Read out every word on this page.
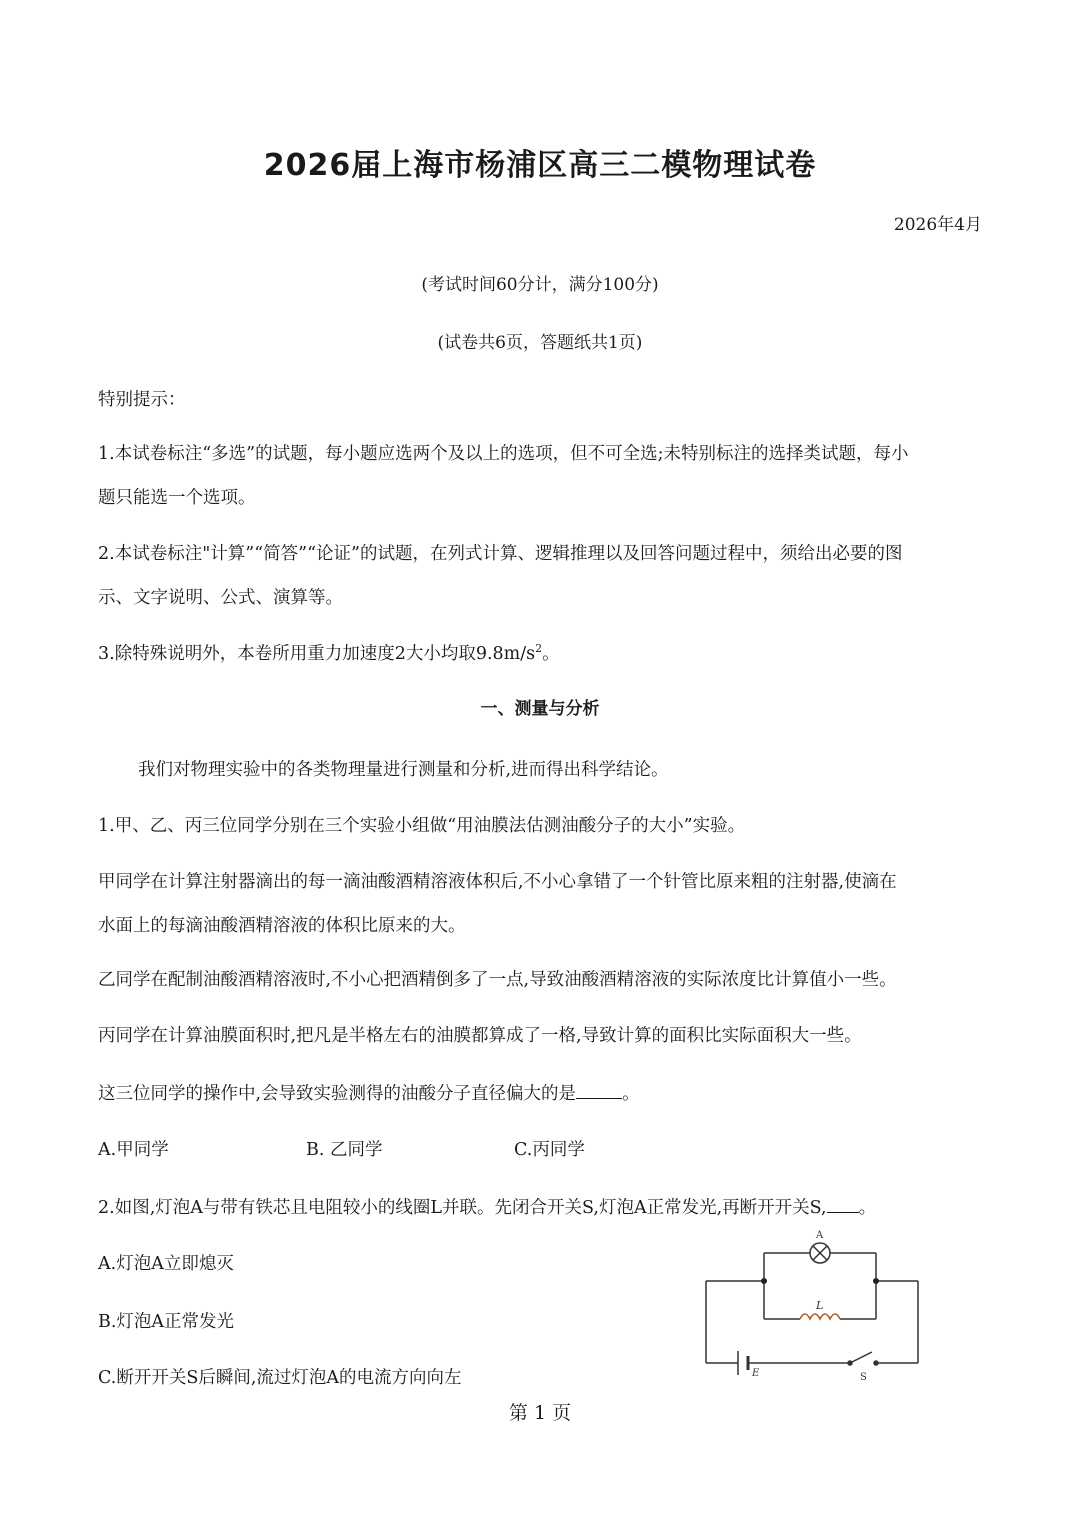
2026届上海市杨浦区高三二模物理试卷
2026年4月
(考试时间60分计，满分100分)
(试卷共6页，答题纸共1页)
特别提示：
1.本试卷标注“多选”的试题，每小题应选两个及以上的选项，但不可全选;未特别标注的选择类试题，每小
题只能选一个选项。
2.本试卷标注"计算”“简答”“论证”的试题，在列式计算、逻辑推理以及回答问题过程中，须给出必要的图
示、文字说明、公式、演算等。
3.除特殊说明外，本卷所用重力加速度2大小均取$9.8m/s^2$。
一、测量与分析
我们对物理实验中的各类物理量进行测量和分析,进而得出科学结论。
1.甲、乙、丙三位同学分别在三个实验小组做“用油膜法估测油酸分子的大小”实验。
甲同学在计算注射器滴出的每一滴油酸酒精溶液体积后,不小心拿错了一个针管比原来粗的注射器,使滴在
水面上的每滴油酸酒精溶液的体积比原来的大。
乙同学在配制油酸酒精溶液时,不小心把酒精倒多了一点,导致油酸酒精溶液的实际浓度比计算值小一些。
丙同学在计算油膜面积时,把凡是半格左右的油膜都算成了一格,导致计算的面积比实际面积大一些。
这三位同学的操作中,会导致实验测得的油酸分子直径偏大的是	。
A.甲同学	B. 乙同学	C.丙同学
2.如图,灯泡A与带有铁芯且电阻较小的线圈L并联。先闭合开关S,灯泡A正常发光,再断开开关S, 。
A.灯泡A立即熄灭
B.灯泡A正常发光
C.断开开关S后瞬间,流过灯泡A的电流方向向左
A
L
E	S
第 1 页
